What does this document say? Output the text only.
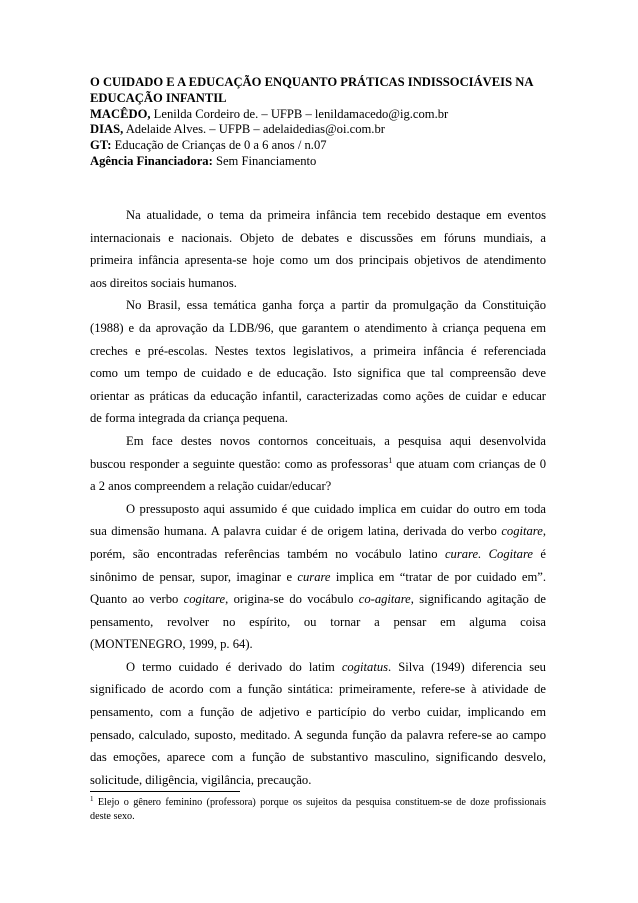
O CUIDADO E A EDUCAÇÃO ENQUANTO PRÁTICAS INDISSOCIÁVEIS NA
EDUCAÇÃO INFANTIL
MACÊDO, Lenilda Cordeiro de. – UFPB – lenildamacedo@ig.com.br
DIAS, Adelaide Alves. – UFPB – adelaidedias@oi.com.br
GT: Educação de Crianças de 0 a 6 anos / n.07
Agência Financiadora: Sem Financiamento
Na atualidade, o tema da primeira infância tem recebido destaque em eventos
internacionais e nacionais. Objeto de debates e discussões em fóruns mundiais, a
primeira infância apresenta-se hoje como um dos principais objetivos de atendimento
aos direitos sociais humanos.
No Brasil, essa temática ganha força a partir da promulgação da Constituição
(1988) e da aprovação da LDB/96, que garantem o atendimento à criança pequena em
creches e pré-escolas. Nestes textos legislativos, a primeira infância é referenciada
como um tempo de cuidado e de educação. Isto significa que tal compreensão deve
orientar as práticas da educação infantil, caracterizadas como ações de cuidar e educar
de forma integrada da criança pequena.
Em face destes novos contornos conceituais, a pesquisa aqui desenvolvida
buscou responder a seguinte questão: como as professoras$^1$ que atuam com crianças de 0
a 2 anos compreendem a relação cuidar/educar?
O pressuposto aqui assumido é que cuidado implica em cuidar do outro em toda
sua dimensão humana. A palavra cuidar é de origem latina, derivada do verbo cogitare,
porém, são encontradas referências também no vocábulo latino curare. Cogitare é
sinônimo de pensar, supor, imaginar e curare implica em “tratar de por cuidado em”.
Quanto ao verbo cogitare, origina-se do vocábulo co-agitare, significando agitação de
pensamento, revolver no espírito, ou tornar a pensar em alguma coisa
(MONTENEGRO, 1999, p. 64).
O termo cuidado é derivado do latim cogitatus. Silva (1949) diferencia seu
significado de acordo com a função sintática: primeiramente, refere-se à atividade de
pensamento, com a função de adjetivo e particípio do verbo cuidar, implicando em
pensado, calculado, suposto, meditado. A segunda função da palavra refere-se ao campo
das emoções, aparece com a função de substantivo masculino, significando desvelo,
solicitude, diligência, vigilância, precaução.
$^1$ Elejo o gênero feminino (professora) porque os sujeitos da pesquisa constituem-se de doze profissionais
deste sexo.
